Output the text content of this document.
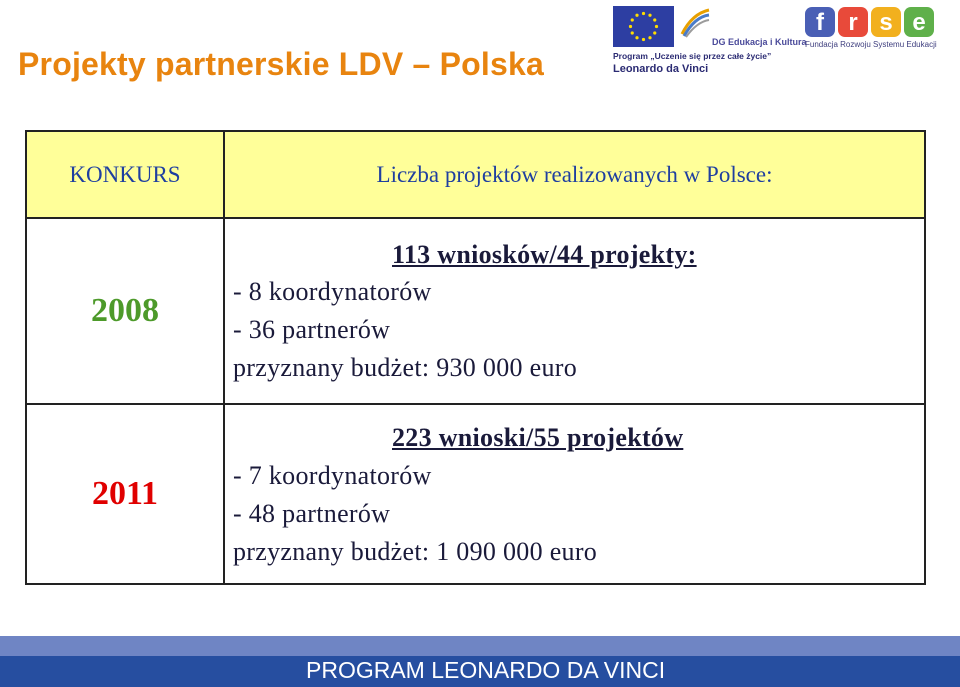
Projekty partnerskie LDV – Polska
DG Edukacja i Kultura
Program „Uczenie się przez całe życie”
Leonardo da Vinci
f r s e
Fundacja Rozwoju Systemu Edukacji
KONKURS	Liczba projektów realizowanych w Polsce:
2008
113 wniosków/44 projekty:
- 8 koordynatorów
- 36 partnerów
przyznany budżet: 930 000 euro
2011
223 wnioski/55 projektów
- 7 koordynatorów
- 48 partnerów
przyznany budżet: 1 090 000 euro
PROGRAM LEONARDO DA VINCI
